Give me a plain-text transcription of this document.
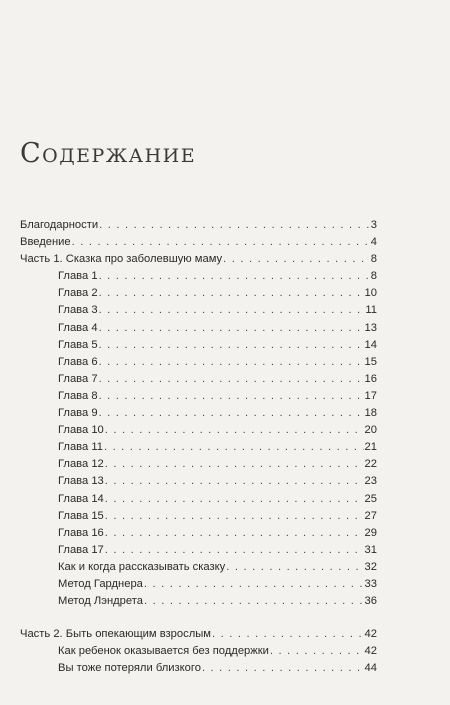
Содержание
Благодарности . . .	3
Введение . . .	4
Часть 1. Сказка про заболевшую маму . . .	8
Глава 1 . . .	8
Глава 2 . . .	10
Глава 3 . . .	11
Глава 4 . . .	13
Глава 5 . . .	14
Глава 6 . . .	15
Глава 7 . . .	16
Глава 8 . . .	17
Глава 9 . . .	18
Глава 10 . . .	20
Глава 11 . . .	21
Глава 12 . . .	22
Глава 13 . . .	23
Глава 14 . . .	25
Глава 15 . . .	27
Глава 16 . . .	29
Глава 17 . . .	31
Как и когда рассказывать сказку . . .	32
Метод Гарднера . . .	33
Метод Лэндрета . . .	36
Часть 2. Быть опекающим взрослым . . .	42
Как ребенок оказывается без поддержки . . .	42
Вы тоже потеряли близкого . . .	44
